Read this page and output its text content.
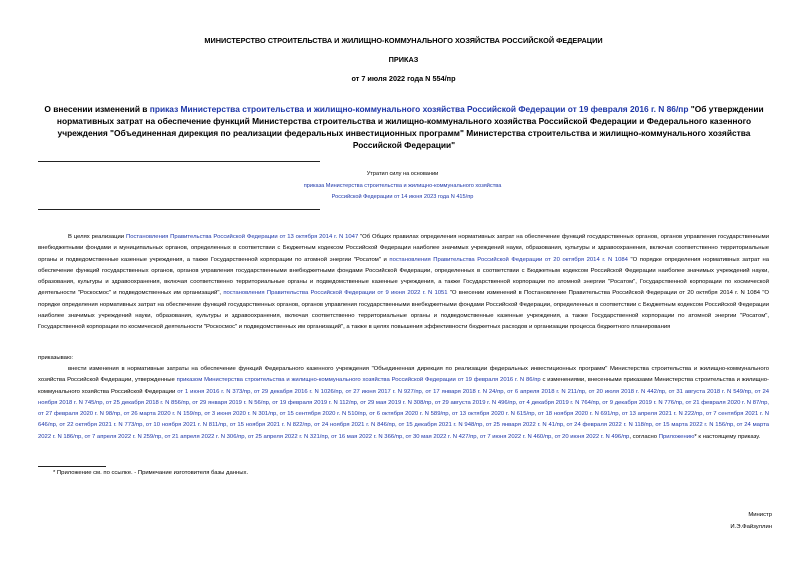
МИНИСТЕРСТВО СТРОИТЕЛЬСТВА И ЖИЛИЩНО-КОММУНАЛЬНОГО ХОЗЯЙСТВА РОССИЙСКОЙ ФЕДЕРАЦИИ
ПРИКАЗ
от 7 июля 2022 года N 554/пр
О внесении изменений в приказ Министерства строительства и жилищно-коммунального хозяйства Российской Федерации от 19 февраля 2016 г. N 86/пр "Об утверждении нормативных затрат на обеспечение функций Министерства строительства и жилищно-коммунального хозяйства Российской Федерации и Федерального казенного учреждения "Объединенная дирекция по реализации федеральных инвестиционных программ" Министерства строительства и жилищно-коммунального хозяйства Российской Федерации"
Утратил силу на основании
приказа Министерства строительства и жилищно-коммунального хозяйства
Российской Федерации от 14 июня 2023 года N 415/пр
В целях реализации Постановления Правительства Российской Федерации от 13 октября 2014 г. N 1047 "Об Общих правилах определения нормативных затрат на обеспечение функций государственных органов, органов управления государственными внебюджетными фондами и муниципальных органов, определенных в соответствии с Бюджетным кодексом Российской Федерации наиболее значимых учреждений науки, образования, культуры и здравоохранения, включая соответственно территориальные органы и подведомственные казенные учреждения, а также Государственной корпорации по атомной энергии "Росатом" и постановления Правительства Российской Федерации от 20 октября 2014 г. N 1084 "О порядке определения нормативных затрат на обеспечение функций государственных органов, органов управления государственными внебюджетными фондами Российской Федерации, определенных в соответствии с Бюджетным кодексом Российской Федерации наиболее значимых учреждений науки, образования, культуры и здравоохранения, включая соответственно территориальные органы и подведомственные казенные учреждения, а также Государственной корпорации по атомной энергии "Росатом", Государственной корпорации по космической деятельности "Роскосмос" и подведомственных им организаций", постановления Правительства Российской Федерации от 9 июня 2022 г. N 1051 "О внесении изменений в Постановление Правительства Российской Федерации от 20 октября 2014 г. N 1084 "О порядке определения нормативных затрат на обеспечение функций государственных органов, органов управления государственными внебюджетными фондами Российской Федерации, определенных в соответствии с Бюджетным кодексом Российской Федерации наиболее значимых учреждений науки, образования, культуры и здравоохранения, включая соответственно территориальные органы и подведомственные казенные учреждения, а также Государственной корпорации по атомной энергии "Росатом", Государственной корпорации по космической деятельности "Роскосмос" и подведомственных им организаций", а также в целях повышения эффективности бюджетных расходов и организации процесса бюджетного планирования
приказываю:
внести изменения в нормативные затраты на обеспечение функций Федерального казенного учреждения "Объединенная дирекция по реализации федеральных инвестиционных программ" Министерства строительства и жилищно-коммунального хозяйства Российской Федерации, утвержденные приказом Министерства строительства и жилищно-коммунального хозяйства Российской Федерации от 19 февраля 2016 г. N 86/пр с изменениями, внесенными приказами Министерства строительства и жилищно-коммунального хозяйства Российской Федерации от 1 июня 2016 г. N 373/пр, от 29 декабря 2016 г. N 1026/пр, от 27 июня 2017 г. N 927/пр, от 17 января 2018 г. N 24/пр, от 6 апреля 2018 г. N 211/пр, от 20 июля 2018 г. N 442/пр, от 31 августа 2018 г. N 549/пр, от 24 ноября 2018 г. N 745/пр, от 25 декабря 2018 г. N 856/пр, от 29 января 2019 г. N 56/пр, от 19 февраля 2019 г. N 112/пр, от 29 мая 2019 г. N 308/пр, от 29 августа 2019 г. N 496/пр, от 4 декабря 2019 г. N 764/пр, от 9 декабря 2019 г. N 776/пр, от 21 февраля 2020 г. N 87/пр, от 27 февраля 2020 г. N 98/пр, от 26 марта 2020 г. N 159/пр, от 3 июня 2020 г. N 301/пр, от 15 сентября 2020 г. N 510/пр, от 6 октября 2020 г. N 589/пр, от 13 октября 2020 г. N 615/пр, от 18 ноября 2020 г. N 691/пр, от 13 апреля 2021 г. N 222/пр, от 7 сентября 2021 г. N 646/пр, от 22 октября 2021 г. N 773/пр, от 10 ноября 2021 г. N 811/пр, от 15 ноября 2021 г. N 822/пр, от 24 ноября 2021 г. N 846/пр, от 15 декабря 2021 г. N 948/пр, от 25 января 2022 г. N 41/пр, от 24 февраля 2022 г. N 118/пр, от 15 марта 2022 г. N 156/пр, от 24 марта 2022 г. N 186/пр, от 7 апреля 2022 г. N 259/пр, от 21 апреля 2022 г. N 306/пр, от 25 апреля 2022 г. N 321/пр, от 16 мая 2022 г. N 366/пр, от 30 мая 2022 г. N 427/пр, от 7 июня 2022 г. N 460/пр, от 20 июня 2022 г. N 496/пр, согласно Приложению* к настоящему приказу.
* Приложение см. по ссылке. - Примечание изготовителя базы данных.
Министр
И.Э.Файзуллин
